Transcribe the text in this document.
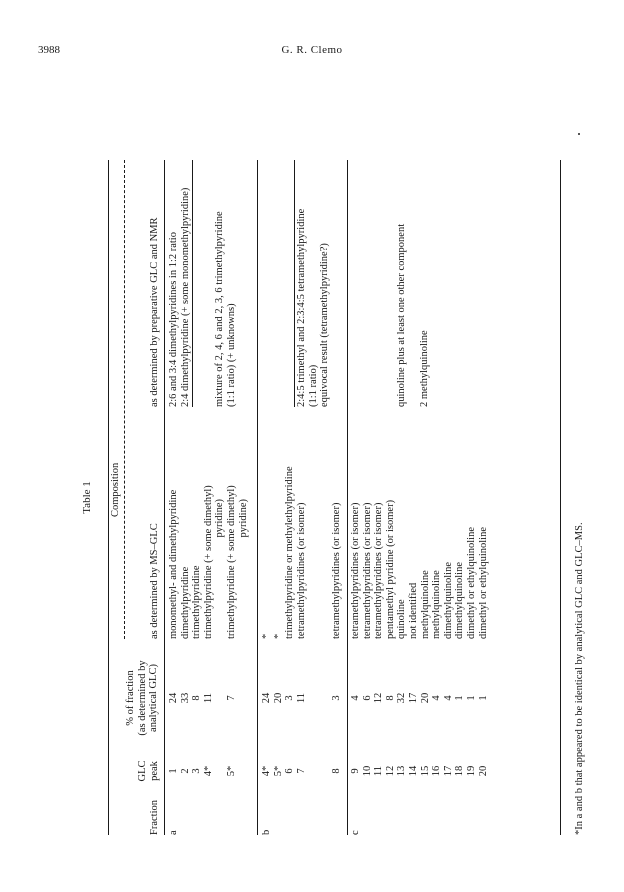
3988	G. R. Clemo
Table 1
Fraction
GLC peak
% of fraction (as determined by analytical GLC)
Composition
as determined by MS–GLC
as determined by preparative GLC and NMR
a
1 2 3 4* 5*
24 33 8 11 7
monomethyl- and dimethylpyridine dimethylpyridine trimethylpyridine trimethylpyridine (+ some dimethyl) pyridine) trimethylpyridine (+ some dimethyl) pyridine)
2:6 and 3:4 dimethylpyridines in 1:2 ratio 2:4 dimethylpyridine (+ some monomethylpyridine) mixture of 2, 4, 6 and 2, 3, 6 trimethylpyridine (1:1 ratio) (+ unknowns)
b
4* 5* 6 7 8
24 20 3 11 3
* * trimethylpyridine or methylethylpyridine tetramethylpyridines (or isomer) tetramethylpyridines (or isomer)
2:4:5 trimethyl and 2:3:4:5 tetramethylpyridine (1:1 ratio) equivocal result (tetramethylpyridine?)
c
9 10 11 12 13 14 15 16 17 18 19 20
4 6 12 8 32 17 20 4 4 1 1 1
tetramethylpyridines (or isomer) tetramethylpyridines (or isomer) tetramethylpyridines (or isomer) pentamethyl pyridine (or isomer) quinoline not identified methylquinoline methylquinoline dimethylquinoline dimethylquinoline dimethyl or ethylquinoline dimethyl or ethylquinoline
quinoline plus at least one other component 2 methylquinoline
*In a and b that appeared to be identical by analytical GLC and GLC–MS.
